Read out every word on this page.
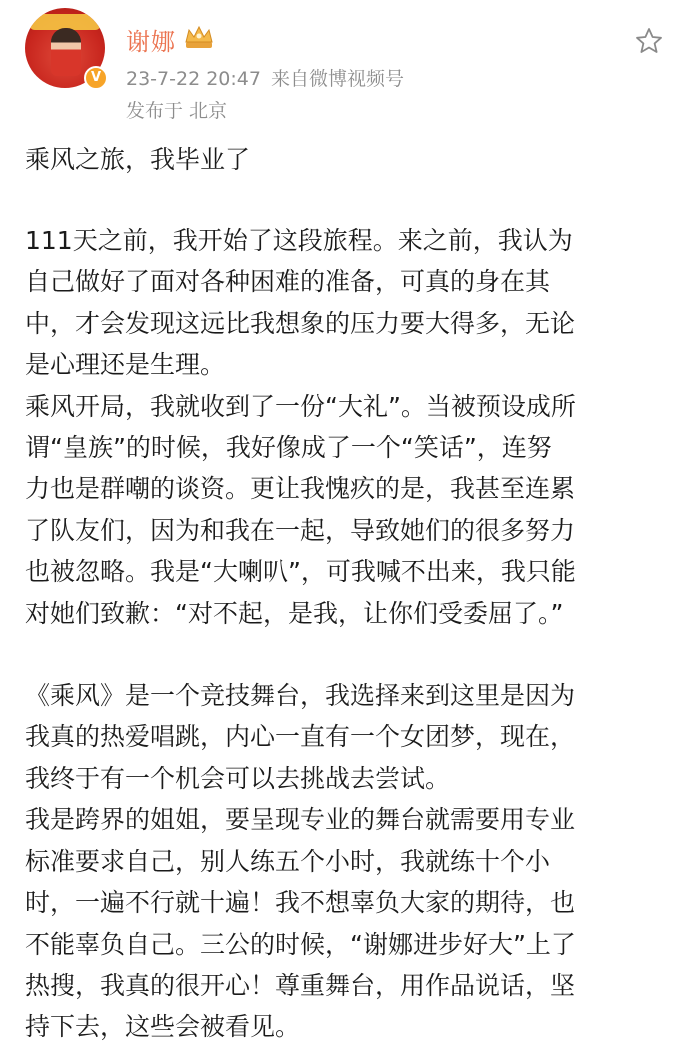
V
谢娜
23-7-22 20:47 来自微博视频号
发布于 北京

乘风之旅，我毕业了

111天之前，我开始了这段旅程。来之前，我认为

自己做好了面对各种困难的准备，可真的身在其

中，才会发现这远比我想象的压力要大得多，无论

是心理还是生理。

乘风开局，我就收到了一份“大礼”。当被预设成所

谓“皇族”的时候，我好像成了一个“笑话”，连努

力也是群嘲的谈资。更让我愧疚的是，我甚至连累

了队友们，因为和我在一起，导致她们的很多努力

也被忽略。我是“大喇叭”，可我喊不出来，我只能

对她们致歉：“对不起，是我，让你们受委屈了。”

《乘风》是一个竞技舞台，我选择来到这里是因为

我真的热爱唱跳，内心一直有一个女团梦，现在，

我终于有一个机会可以去挑战去尝试。

我是跨界的姐姐，要呈现专业的舞台就需要用专业

标准要求自己，别人练五个小时，我就练十个小

时，一遍不行就十遍！我不想辜负大家的期待，也

不能辜负自己。三公的时候，“谢娜进步好大”上了

热搜，我真的很开心！尊重舞台，用作品说话，坚

持下去，这些会被看见。
